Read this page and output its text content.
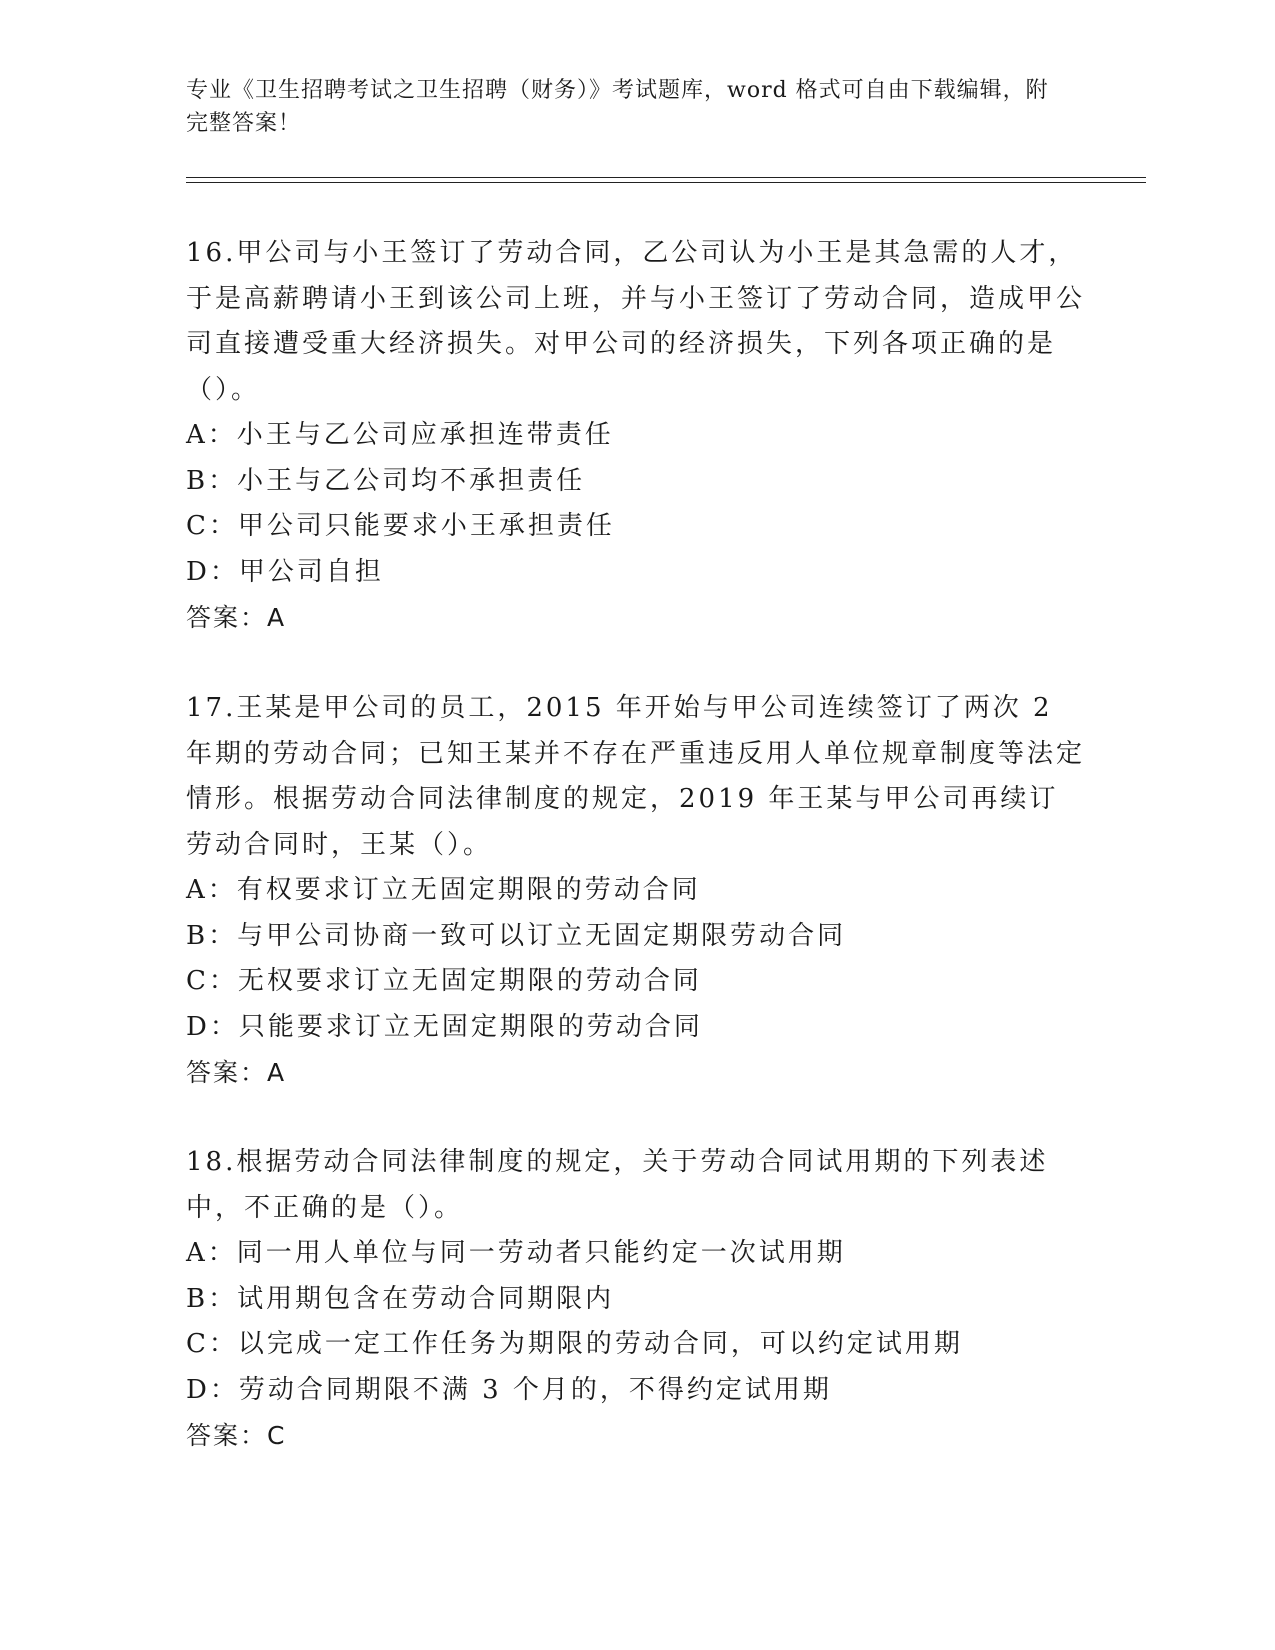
专业《卫生招聘考试之卫生招聘（财务）》考试题库，word 格式可自由下载编辑，附完整答案！

16.甲公司与小王签订了劳动合同，乙公司认为小王是其急需的人才，于是高薪聘请小王到该公司上班，并与小王签订了劳动合同，造成甲公司直接遭受重大经济损失。对甲公司的经济损失，下列各项正确的是（）。

A：小王与乙公司应承担连带责任

B：小王与乙公司均不承担责任

C：甲公司只能要求小王承担责任

D：甲公司自担

答案：A

17.王某是甲公司的员工，2015 年开始与甲公司连续签订了两次 2 年期的劳动合同；已知王某并不存在严重违反用人单位规章制度等法定情形。根据劳动合同法律制度的规定，2019 年王某与甲公司再续订劳动合同时，王某（）。

A：有权要求订立无固定期限的劳动合同

B：与甲公司协商一致可以订立无固定期限劳动合同

C：无权要求订立无固定期限的劳动合同

D：只能要求订立无固定期限的劳动合同

答案：A

18.根据劳动合同法律制度的规定，关于劳动合同试用期的下列表述中，不正确的是（）。

A：同一用人单位与同一劳动者只能约定一次试用期

B：试用期包含在劳动合同期限内

C：以完成一定工作任务为期限的劳动合同，可以约定试用期

D：劳动合同期限不满 3 个月的，不得约定试用期

答案：C
